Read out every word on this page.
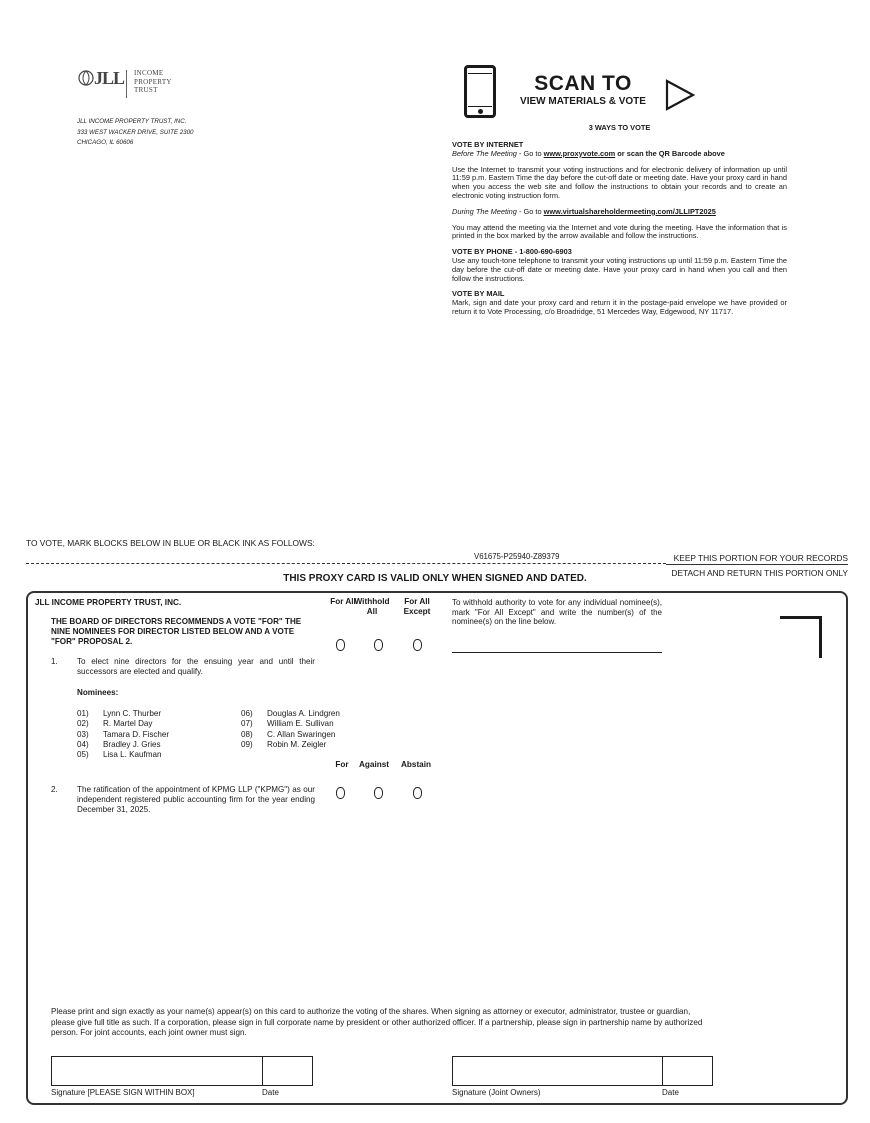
JLL INCOME
PROPERTY
TRUST
JLL INCOME PROPERTY TRUST, INC.
333 WEST WACKER DRIVE, SUITE 2300
CHICAGO, IL 60606
SCAN TO
VIEW MATERIALS & VOTE
3 WAYS TO VOTE

VOTE BY INTERNET
Before The Meeting - Go to www.proxyvote.com or scan the QR Barcode above

Use the Internet to transmit your voting instructions and for electronic delivery of information up until 11:59 p.m. Eastern Time the day before the cut-off date or meeting date. Have your proxy card in hand when you access the web site and follow the instructions to obtain your records and to create an electronic voting instruction form.

During The Meeting - Go to www.virtualshareholdermeeting.com/JLLIPT2025

You may attend the meeting via the Internet and vote during the meeting. Have the information that is printed in the box marked by the arrow available and follow the instructions.

VOTE BY PHONE - 1-800-690-6903
Use any touch-tone telephone to transmit your voting instructions up until 11:59 p.m. Eastern Time the day before the cut-off date or meeting date. Have your proxy card in hand when you call and then follow the instructions.

VOTE BY MAIL
Mark, sign and date your proxy card and return it in the postage-paid envelope we have provided or return it to Vote Processing, c/o Broadridge, 51 Mercedes Way, Edgewood, NY 11717.

TO VOTE, MARK BLOCKS BELOW IN BLUE OR BLACK INK AS FOLLOWS:
V61675-P25940-Z89379	KEEP THIS PORTION FOR YOUR RECORDS
DETACH AND RETURN THIS PORTION ONLY
THIS PROXY CARD IS VALID ONLY WHEN SIGNED AND DATED.
JLL INCOME PROPERTY TRUST, INC.
THE BOARD OF DIRECTORS RECOMMENDS A VOTE "FOR" THE NINE NOMINEES FOR DIRECTOR LISTED BELOW AND A VOTE "FOR" PROPOSAL 2.
For All
Withhold All
For All Except
To withhold authority to vote for any individual nominee(s), mark "For All Except" and write the number(s) of the nominee(s) on the line below.
1. To elect nine directors for the ensuing year and until their successors are elected and qualify.
Nominees:
01) Lynn C. Thurber
02) R. Martel Day
03) Tamara D. Fischer
04) Bradley J. Gries
05) Lisa L. Kaufman
06) Douglas A. Lindgren
07) William E. Sullivan
08) C. Allan Swaringen
09) Robin M. Zeigler
For	Against	Abstain
2. The ratification of the appointment of KPMG LLP ("KPMG") as our independent registered public accounting firm for the year ending December 31, 2025.
Please print and sign exactly as your name(s) appear(s) on this card to authorize the voting of the shares. When signing as attorney or executor, administrator, trustee or guardian, please give full title as such. If a corporation, please sign in full corporate name by president or other authorized officer. If a partnership, please sign in partnership name by authorized person. For joint accounts, each joint owner must sign.
Signature [PLEASE SIGN WITHIN BOX]	Date	Signature (Joint Owners)	Date
